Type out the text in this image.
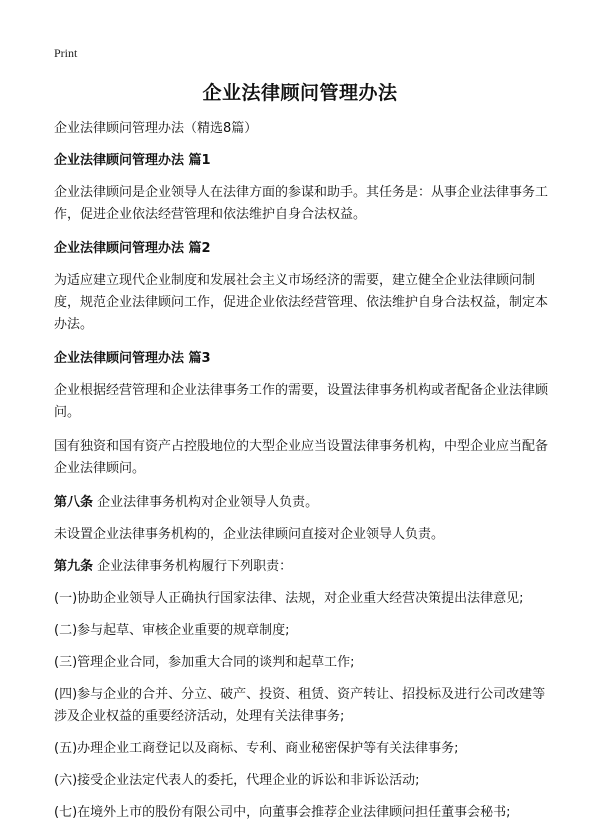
Print
企业法律顾问管理办法

企业法律顾问管理办法（精选8篇）

企业法律顾问管理办法 篇1

企业法律顾问是企业领导人在法律方面的参谋和助手。其任务是：从事企业法律事务工作，促进企业依法经营管理和依法维护自身合法权益。

企业法律顾问管理办法 篇2

为适应建立现代企业制度和发展社会主义市场经济的需要，建立健全企业法律顾问制度，规范企业法律顾问工作，促进企业依法经营管理、依法维护自身合法权益，制定本办法。

企业法律顾问管理办法 篇3

企业根据经营管理和企业法律事务工作的需要，设置法律事务机构或者配备企业法律顾问。

国有独资和国有资产占控股地位的大型企业应当设置法律事务机构，中型企业应当配备企业法律顾问。

第八条 企业法律事务机构对企业领导人负责。

未设置企业法律事务机构的，企业法律顾问直接对企业领导人负责。

第九条 企业法律事务机构履行下列职责：

(一)协助企业领导人正确执行国家法律、法规，对企业重大经营决策提出法律意见;

(二)参与起草、审核企业重要的规章制度;

(三)管理企业合同，参加重大合同的谈判和起草工作;

(四)参与企业的合并、分立、破产、投资、租赁、资产转让、招投标及进行公司改建等涉及企业权益的重要经济活动，处理有关法律事务;

(五)办理企业工商登记以及商标、专利、商业秘密保护等有关法律事务;

(六)接受企业法定代表人的委托，代理企业的诉讼和非诉讼活动;

(七)在境外上市的股份有限公司中，向董事会推荐企业法律顾问担任董事会秘书;
